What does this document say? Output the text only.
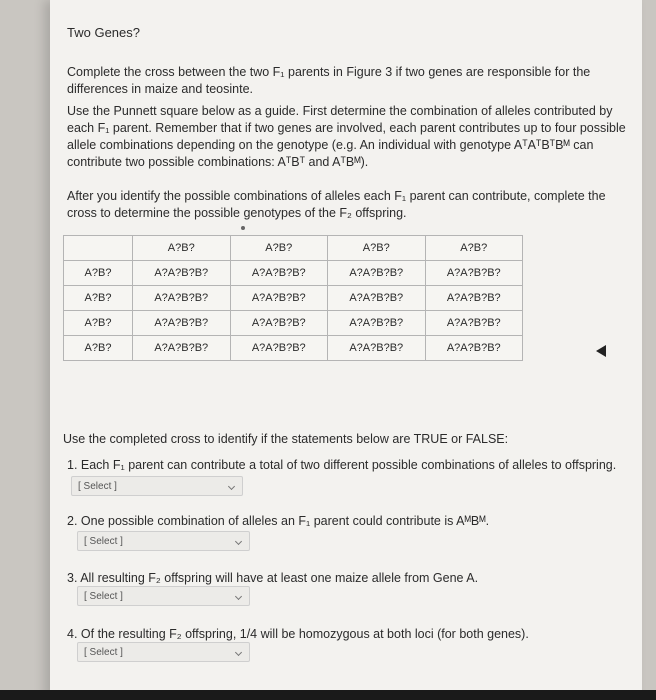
Two Genes?
Complete the cross between the two F₁ parents in Figure 3 if two genes are responsible for the differences in maize and teosinte.
Use the Punnett square below as a guide. First determine the combination of alleles contributed by each F₁ parent. Remember that if two genes are involved, each parent contributes up to four possible allele combinations depending on the genotype (e.g. An individual with genotype AᵀAᵀBᵀBᴹ can contribute two possible combinations: AᵀBᵀ and AᵀBᴹ).
After you identify the possible combinations of alleles each F₁ parent can contribute, complete the cross to determine the possible genotypes of the F₂ offspring.
	A?B?	A?B?	A?B?	A?B?
A?B?	A?A?B?B?	A?A?B?B?	A?A?B?B?	A?A?B?B?
A?B?	A?A?B?B?	A?A?B?B?	A?A?B?B?	A?A?B?B?
A?B?	A?A?B?B?	A?A?B?B?	A?A?B?B?	A?A?B?B?
A?B?	A?A?B?B?	A?A?B?B?	A?A?B?B?	A?A?B?B?
Use the completed cross to identify if the statements below are TRUE or FALSE:
1. Each F₁ parent can contribute a total of two different possible combinations of alleles to offspring. [ Select ]
2. One possible combination of alleles an F₁ parent could contribute is AᴹBᴹ.
[ Select ]
3. All resulting F₂ offspring will have at least one maize allele from Gene A.
[ Select ]
4. Of the resulting F₂ offspring, 1/4 will be homozygous at both loci (for both genes).
[ Select ]
